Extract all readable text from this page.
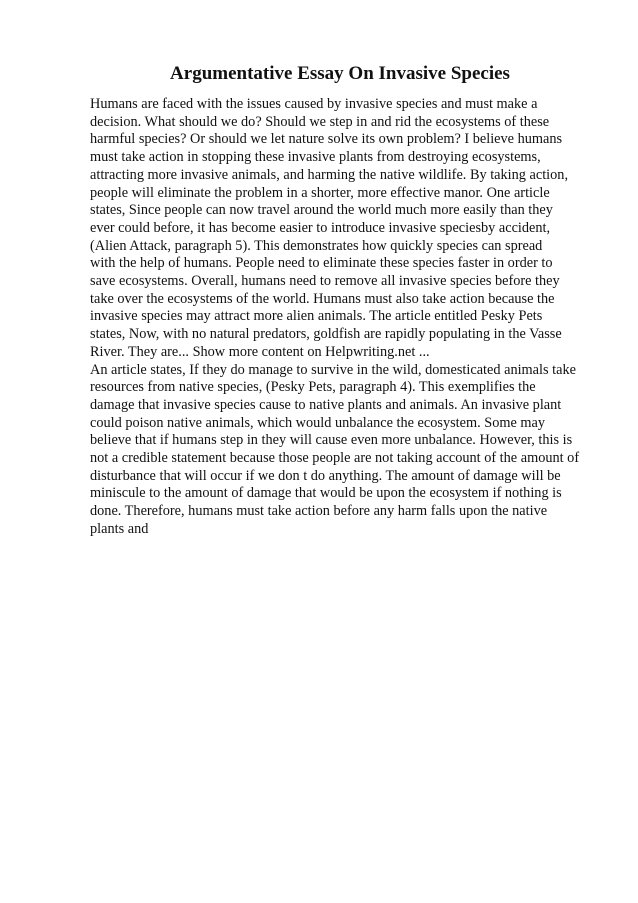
Argumentative Essay On Invasive Species
Humans are faced with the issues caused by invasive species and must make a
decision. What should we do? Should we step in and rid the ecosystems of these
harmful species? Or should we let nature solve its own problem? I believe humans
must take action in stopping these invasive plants from destroying ecosystems,
attracting more invasive animals, and harming the native wildlife. By taking action,
people will eliminate the problem in a shorter, more effective manor. One article
states, Since people can now travel around the world much more easily than they
ever could before, it has become easier to introduce invasive speciesby accident,
(Alien Attack, paragraph 5). This demonstrates how quickly species can spread
with the help of humans. People need to eliminate these species faster in order to
save ecosystems. Overall, humans need to remove all invasive species before they
take over the ecosystems of the world. Humans must also take action because the
invasive species may attract more alien animals. The article entitled Pesky Pets
states, Now, with no natural predators, goldfish are rapidly populating in the Vasse
River. They are... Show more content on Helpwriting.net ...
An article states, If they do manage to survive in the wild, domesticated animals take
resources from native species, (Pesky Pets, paragraph 4). This exemplifies the
damage that invasive species cause to native plants and animals. An invasive plant
could poison native animals, which would unbalance the ecosystem. Some may
believe that if humans step in they will cause even more unbalance. However, this is
not a credible statement because those people are not taking account of the amount of
disturbance that will occur if we don t do anything. The amount of damage will be
miniscule to the amount of damage that would be upon the ecosystem if nothing is
done. Therefore, humans must take action before any harm falls upon the native
plants and
